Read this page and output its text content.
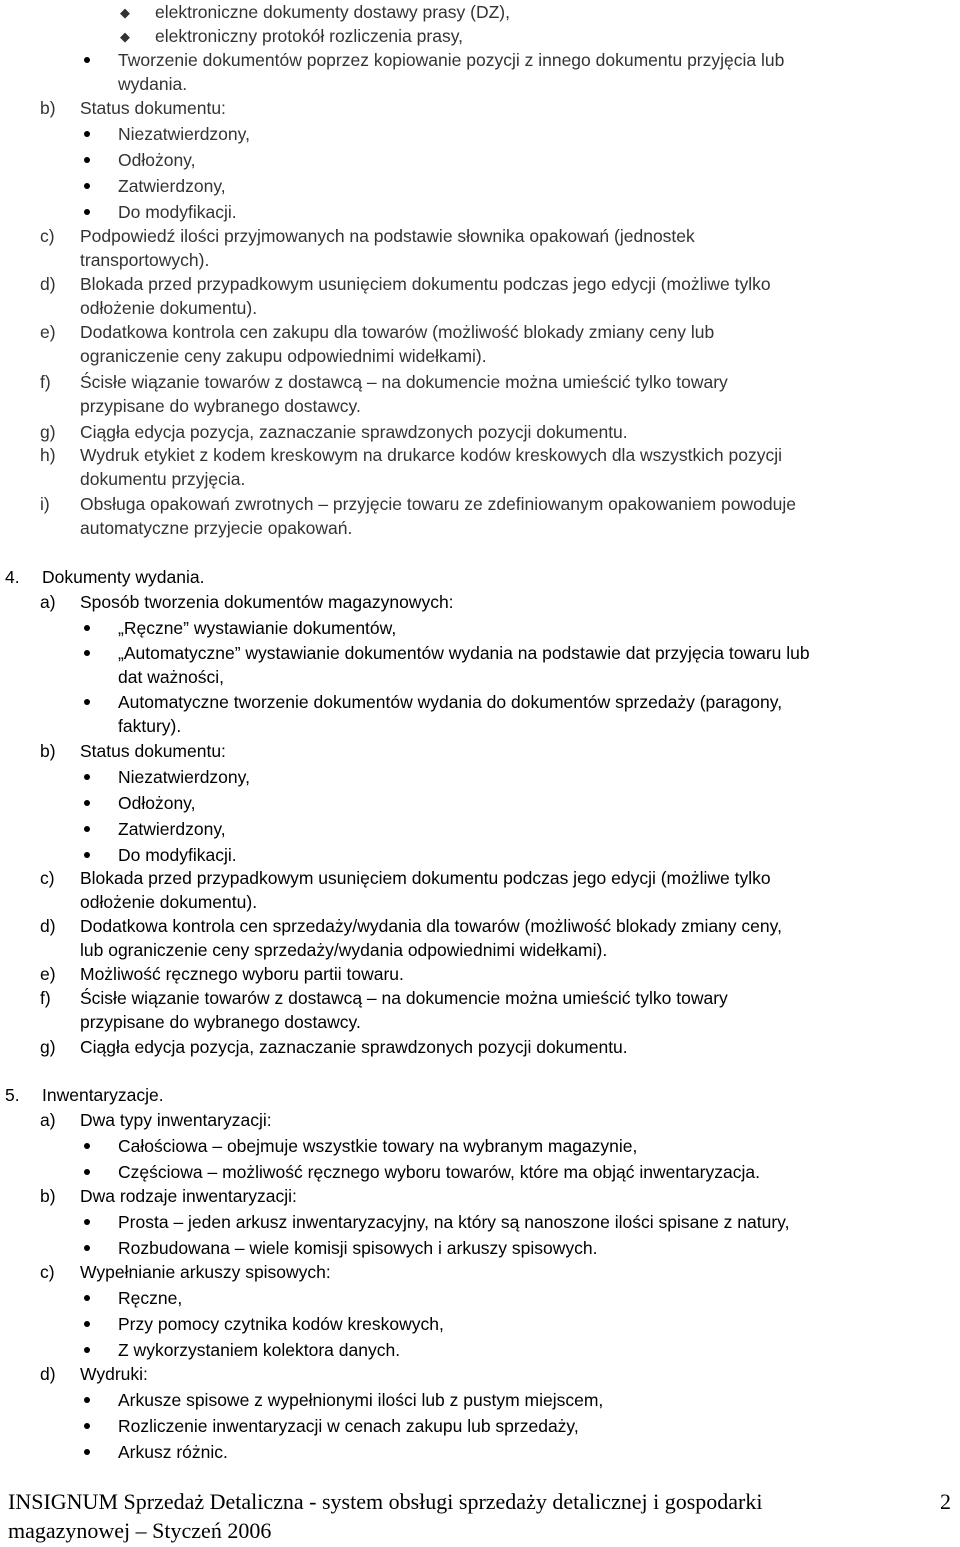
◆ elektroniczne dokumenty dostawy prasy (DZ),
◆ elektroniczny protokół rozliczenia prasy,
Tworzenie dokumentów poprzez kopiowanie pozycji z innego dokumentu przyjęcia lub
wydania.
b) Status dokumentu:
Niezatwierdzony,
Odłożony,
Zatwierdzony,
Do modyfikacji.
c) Podpowiedź ilości przyjmowanych na podstawie słownika opakowań (jednostek
transportowych).
d) Blokada przed przypadkowym usunięciem dokumentu podczas jego edycji (możliwe tylko
odłożenie dokumentu).
e) Dodatkowa kontrola cen zakupu dla towarów (możliwość blokady zmiany ceny lub
ograniczenie ceny zakupu odpowiednimi widełkami).
f) Ścisłe wiązanie towarów z dostawcą – na dokumencie można umieścić tylko towary
przypisane do wybranego dostawcy.
g) Ciągła edycja pozycja, zaznaczanie sprawdzonych pozycji dokumentu.
h) Wydruk etykiet z kodem kreskowym na drukarce kodów kreskowych dla wszystkich pozycji
dokumentu przyjęcia.
i) Obsługa opakowań zwrotnych – przyjęcie towaru ze zdefiniowanym opakowaniem powoduje
automatyczne przyjecie opakowań.
4. Dokumenty wydania.
a) Sposób tworzenia dokumentów magazynowych:
„Ręczne” wystawianie dokumentów,
„Automatyczne” wystawianie dokumentów wydania na podstawie dat przyjęcia towaru lub
dat ważności,
Automatyczne tworzenie dokumentów wydania do dokumentów sprzedaży (paragony,
faktury).
b) Status dokumentu:
Niezatwierdzony,
Odłożony,
Zatwierdzony,
Do modyfikacji.
c) Blokada przed przypadkowym usunięciem dokumentu podczas jego edycji (możliwe tylko
odłożenie dokumentu).
d) Dodatkowa kontrola cen sprzedaży/wydania dla towarów (możliwość blokady zmiany ceny,
lub ograniczenie ceny sprzedaży/wydania odpowiednimi widełkami).
e) Możliwość ręcznego wyboru partii towaru.
f) Ścisłe wiązanie towarów z dostawcą – na dokumencie można umieścić tylko towary
przypisane do wybranego dostawcy.
g) Ciągła edycja pozycja, zaznaczanie sprawdzonych pozycji dokumentu.
5. Inwentaryzacje.
a) Dwa typy inwentaryzacji:
Całościowa – obejmuje wszystkie towary na wybranym magazynie,
Częściowa – możliwość ręcznego wyboru towarów, które ma objąć inwentaryzacja.
b) Dwa rodzaje inwentaryzacji:
Prosta – jeden arkusz inwentaryzacyjny, na który są nanoszone ilości spisane z natury,
Rozbudowana – wiele komisji spisowych i arkuszy spisowych.
c) Wypełnianie arkuszy spisowych:
Ręczne,
Przy pomocy czytnika kodów kreskowych,
Z wykorzystaniem kolektora danych.
d) Wydruki:
Arkusze spisowe z wypełnionymi ilości lub z pustym miejscem,
Rozliczenie inwentaryzacji w cenach zakupu lub sprzedaży,
Arkusz różnic.
INSIGNUM Sprzedaż Detaliczna - system obsługi sprzedaży detalicznej i gospodarki
magazynowej – Styczeń 2006
2
